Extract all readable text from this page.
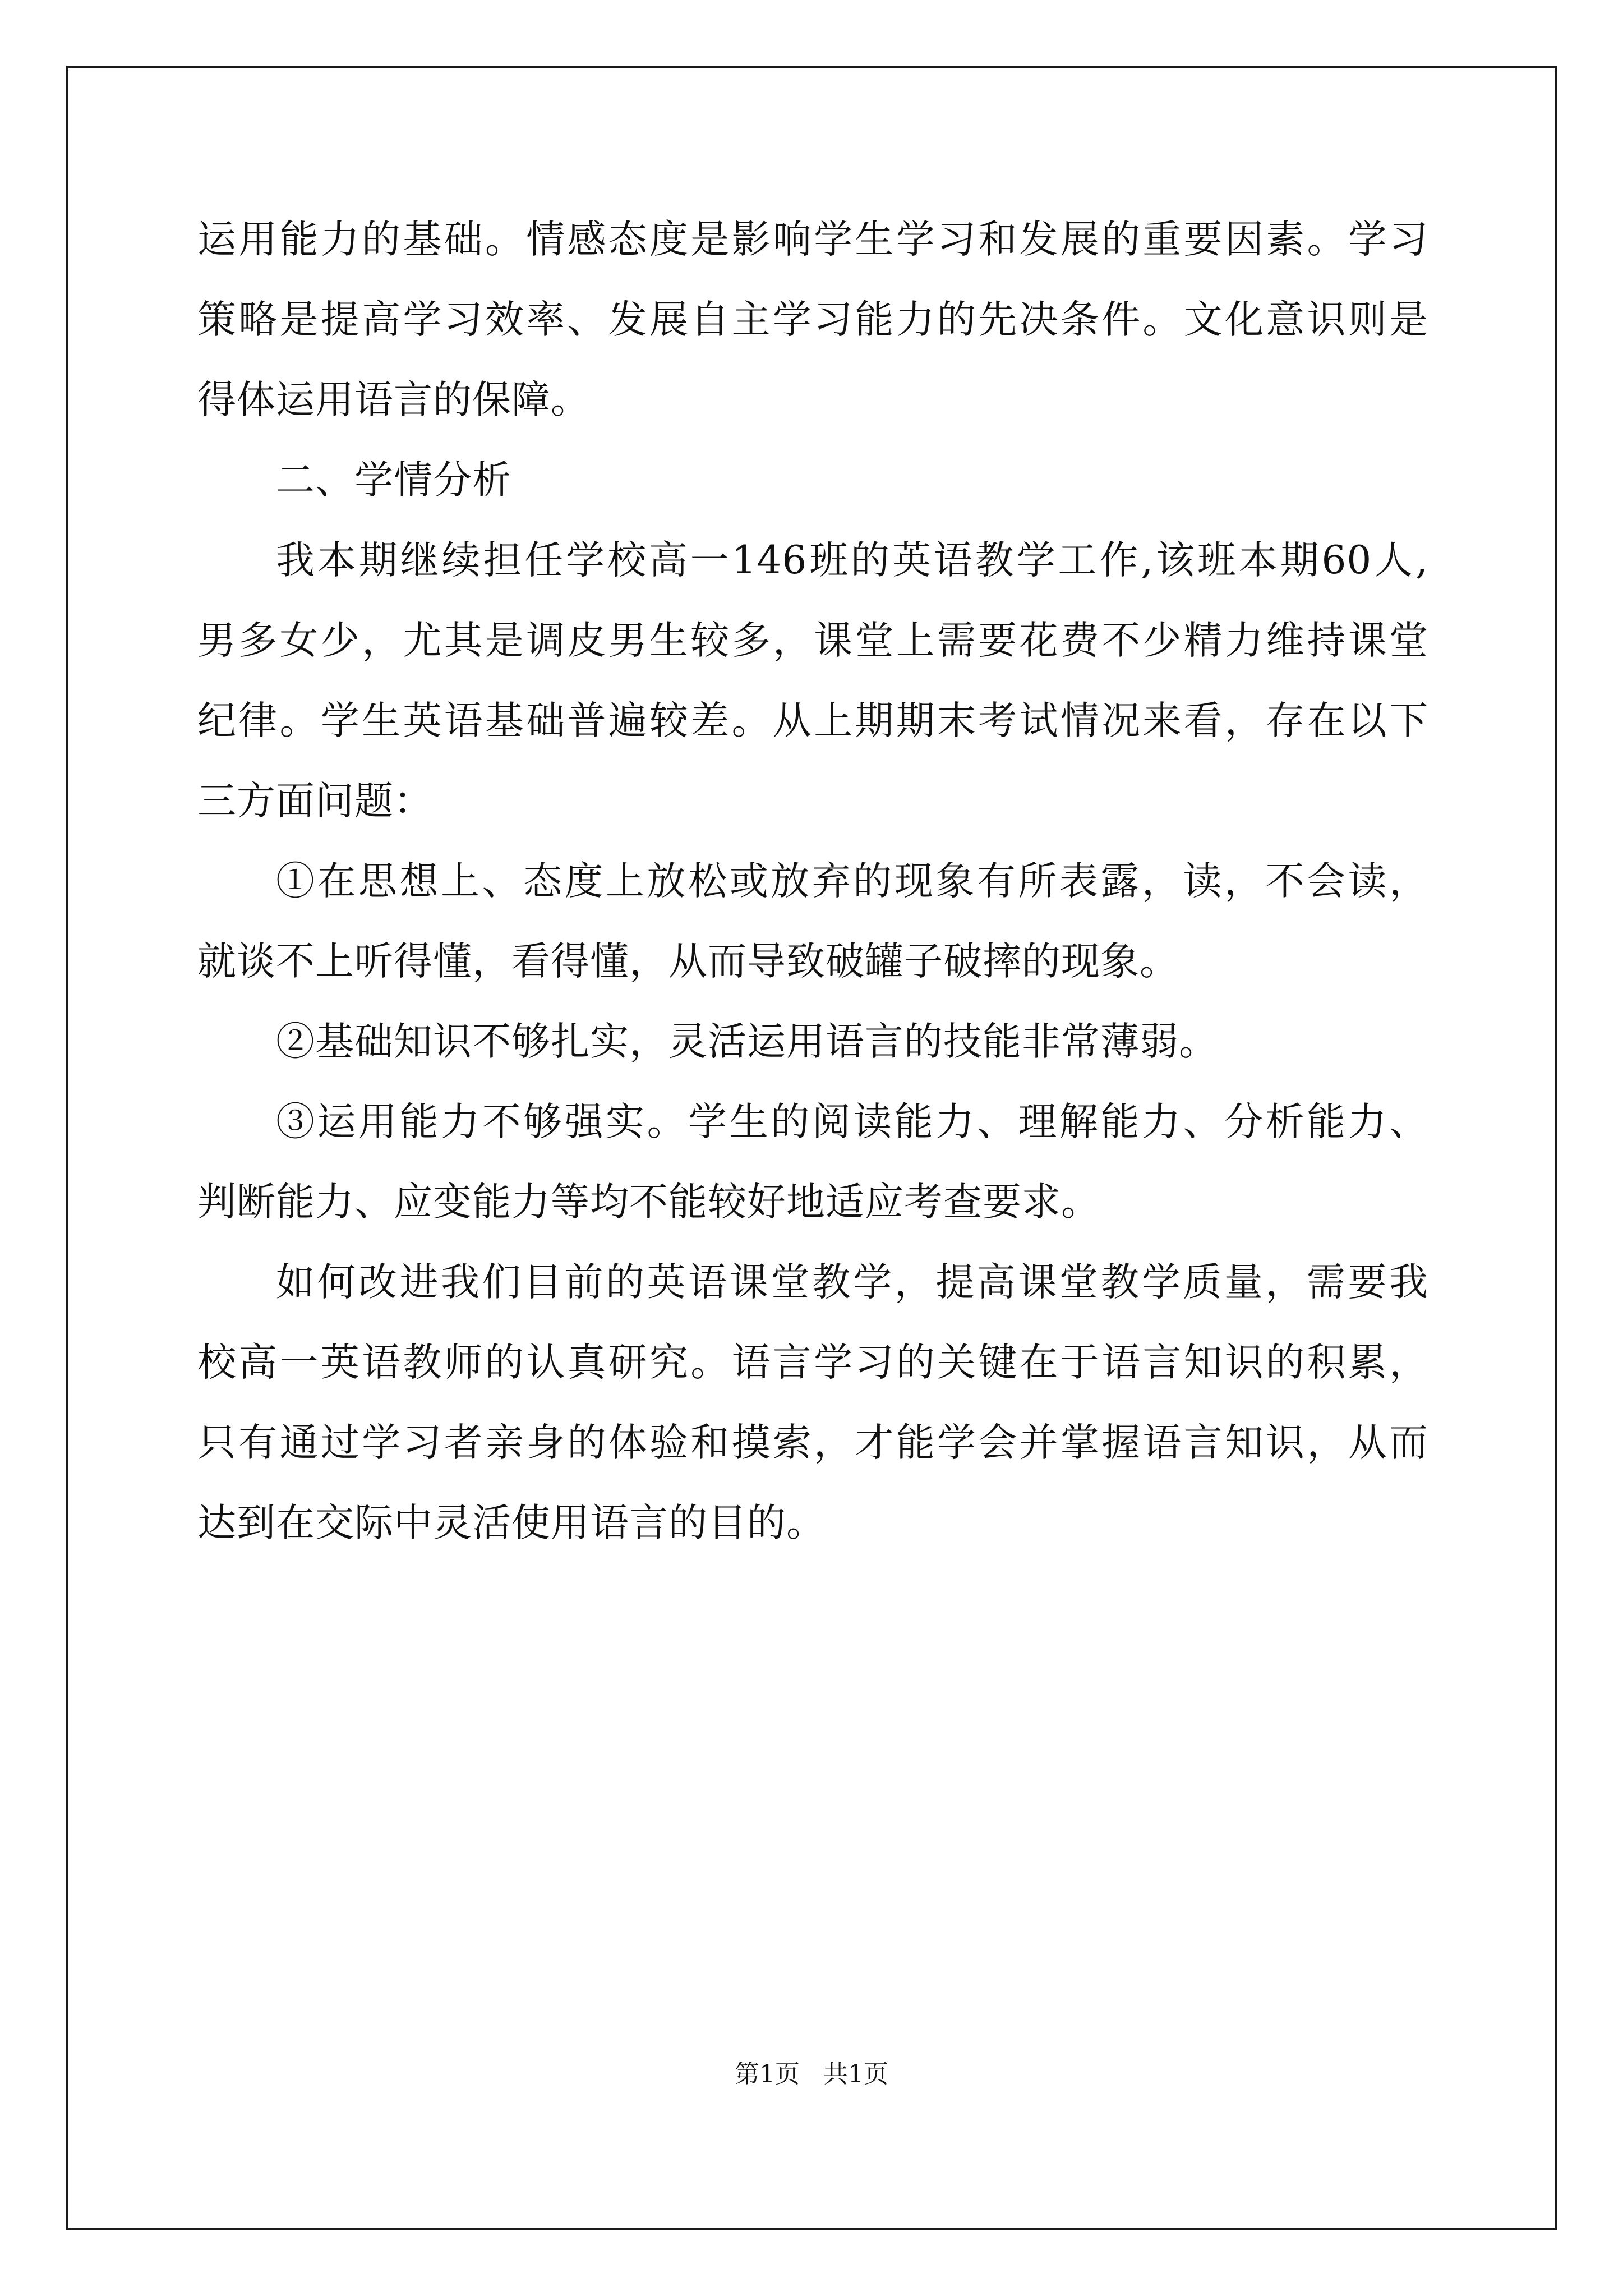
运用能力的基础。情感态度是影响学生学习和发展的重要因素。学习
策略是提高学习效率、发展自主学习能力的先决条件。文化意识则是
得体运用语言的保障。
二、学情分析
我本期继续担任学校高一146班的英语教学工作,该班本期60人,
男多女少，尤其是调皮男生较多，课堂上需要花费不少精力维持课堂
纪律。学生英语基础普遍较差。从上期期末考试情况来看，存在以下
三方面问题：
①在思想上、态度上放松或放弃的现象有所表露，读，不会读，
就谈不上听得懂，看得懂，从而导致破罐子破摔的现象。
②基础知识不够扎实，灵活运用语言的技能非常薄弱。
③运用能力不够强实。学生的阅读能力、理解能力、分析能力、
判断能力、应变能力等均不能较好地适应考查要求。
如何改进我们目前的英语课堂教学，提高课堂教学质量，需要我
校高一英语教师的认真研究。语言学习的关键在于语言知识的积累，
只有通过学习者亲身的体验和摸索，才能学会并掌握语言知识，从而
达到在交际中灵活使用语言的目的。
第1页 共1页
